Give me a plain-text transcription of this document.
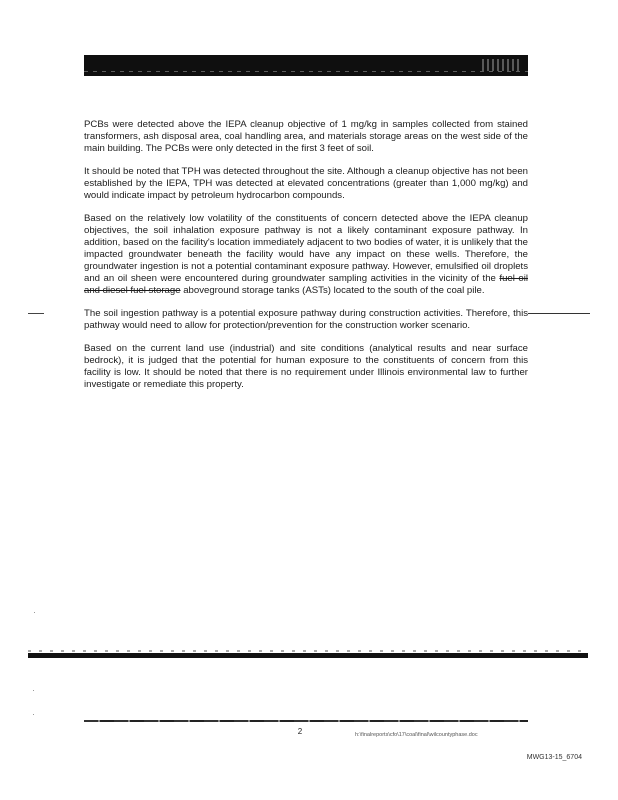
PCBs were detected above the IEPA cleanup objective of 1 mg/kg in samples collected from stained transformers, ash disposal area, coal handling area, and materials storage areas on the west side of the main building. The PCBs were only detected in the first 3 feet of soil.

It should be noted that TPH was detected throughout the site. Although a cleanup objective has not been established by the IEPA, TPH was detected at elevated concentrations (greater than 1,000 mg/kg) and would indicate impact by petroleum hydrocarbon compounds.

Based on the relatively low volatility of the constituents of concern detected above the IEPA cleanup objectives, the soil inhalation exposure pathway is not a likely contaminant exposure pathway. In addition, based on the facility's location immediately adjacent to two bodies of water, it is unlikely that the impacted groundwater beneath the facility would have any impact on these wells. Therefore, the groundwater ingestion is not a potential contaminant exposure pathway. However, emulsified oil droplets and an oil sheen were encountered during groundwater sampling activities in the vicinity of the fuel oil and diesel fuel storage aboveground storage tanks (ASTs) located to the south of the coal pile.

The soil ingestion pathway is a potential exposure pathway during construction activities. Therefore, this pathway would need to allow for protection/prevention for the construction worker scenario.

Based on the current land use (industrial) and site conditions (analytical results and near surface bedrock), it is judged that the potential for human exposure to the constituents of concern from this facility is low. It should be noted that there is no requirement under Illinois environmental law to further investigate or remediate this property.

2	h:\finalreports\cfo\17\coal\final\wilcountyphase.doc
MWG13-15_6704
